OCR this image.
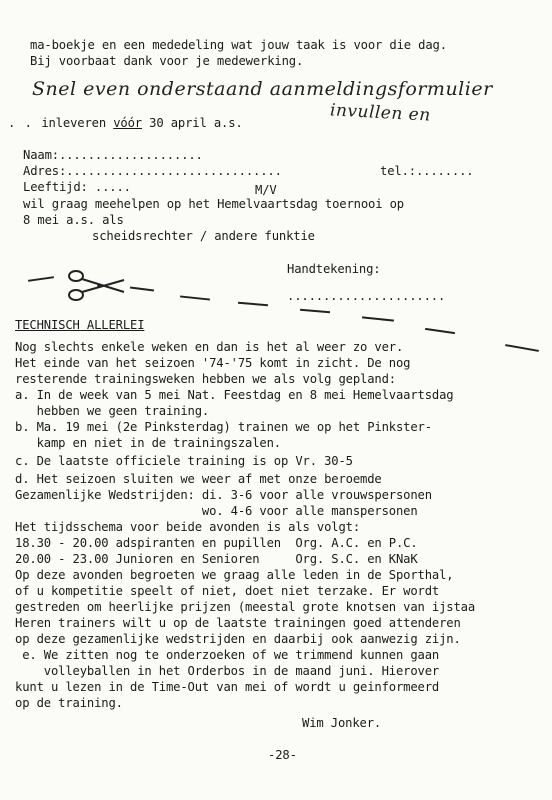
ma-boekje en een mededeling wat jouw taak is voor die dag.
Bij voorbaat dank voor je medewerking.
Snel even onderstaand aanmeldingsformulier
invullen en
. . inleveren vóór 30 april a.s.
Naam:....................
Adres:..............................	tel.:........
Leeftijd: .....	M/V
wil graag meehelpen op het Hemelvaartsdag toernooi op
8 mei a.s. als
scheidsrechter / andere funktie
Handtekening:
......................
TECHNISCH ALLERLEI
Nog slechts enkele weken en dan is het al weer zo ver.
Het einde van het seizoen '74-'75 komt in zicht. De nog
resterende trainingsweken hebben we als volg gepland:
a. In de week van 5 mei Nat. Feestdag en 8 mei Hemelvaartsdag
hebben we geen training.
b. Ma. 19 mei (2e Pinksterdag) trainen we op het Pinkster-
kamp en niet in de trainingszalen.
c. De laatste officiele training is op Vr. 30-5
d. Het seizoen sluiten we weer af met onze beroemde
Gezamenlijke Wedstrijden: di. 3-6 voor alle vrouwspersonen
wo. 4-6 voor alle manspersonen
Het tijdsschema voor beide avonden is als volgt:
18.30 - 20.00 adspiranten en pupillen  Org. A.C. en P.C.
20.00 - 23.00 Junioren en Senioren     Org. S.C. en KNaK
Op deze avonden begroeten we graag alle leden in de Sporthal,
of u kompetitie speelt of niet, doet niet terzake. Er wordt
gestreden om heerlijke prijzen (meestal grote knotsen van ijstaa
Heren trainers wilt u op de laatste trainingen goed attenderen
op deze gezamenlijke wedstrijden en daarbij ook aanwezig zijn.
e. We zitten nog te onderzoeken of we trimmend kunnen gaan
volleyballen in het Orderbos in de maand juni. Hierover
kunt u lezen in de Time-Out van mei of wordt u geinformeerd
op de training.
Wim Jonker.
-28-
